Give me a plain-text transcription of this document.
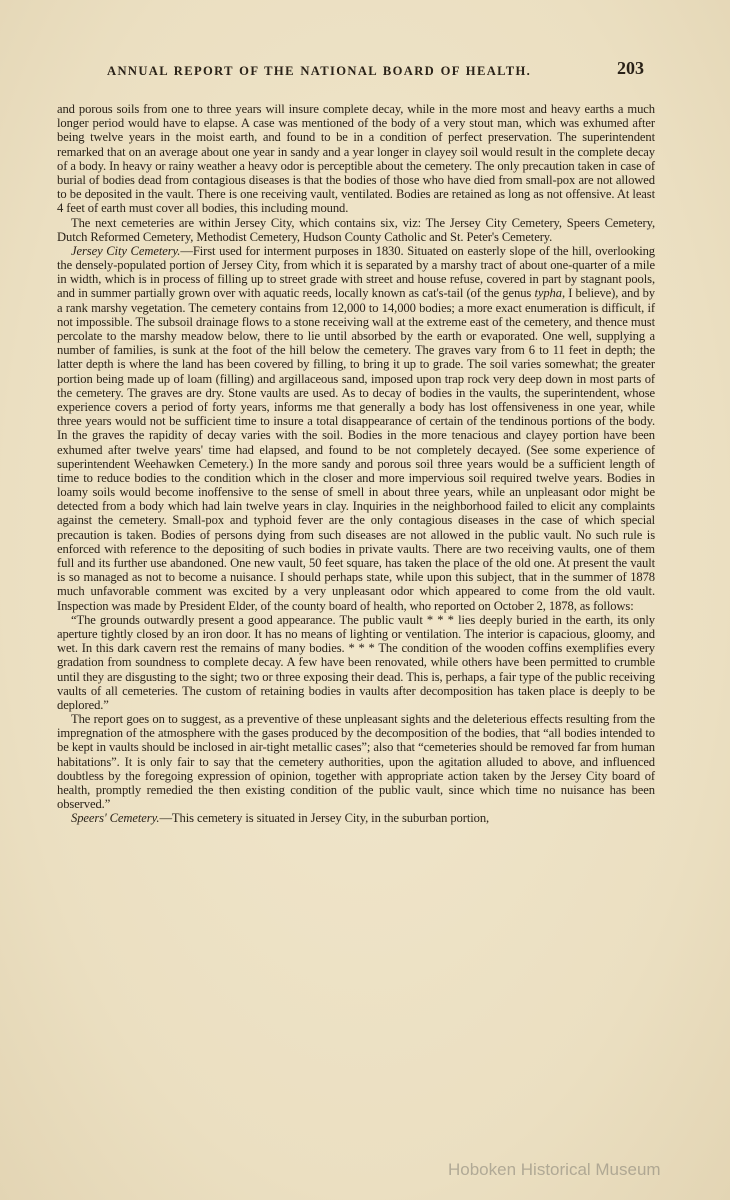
ANNUAL REPORT OF THE NATIONAL BOARD OF HEALTH.	203

and porous soils from one to three years will insure complete decay, while in the more most and heavy earths a much longer period would have to elapse. A case was mentioned of the body of a very stout man, which was exhumed after being twelve years in the moist earth, and found to be in a condition of perfect preservation. The superintendent remarked that on an average about one year in sandy and a year longer in clayey soil would result in the complete decay of a body. In heavy or rainy weather a heavy odor is perceptible about the cemetery. The only precaution taken in case of burial of bodies dead from contagious diseases is that the bodies of those who have died from small-pox are not allowed to be deposited in the vault. There is one receiving vault, ventilated. Bodies are retained as long as not offensive. At least 4 feet of earth must cover all bodies, this including mound.

The next cemeteries are within Jersey City, which contains six, viz: The Jersey City Cemetery, Speers Cemetery, Dutch Reformed Cemetery, Methodist Cemetery, Hudson County Catholic and St. Peter's Cemetery.

Jersey City Cemetery.—First used for interment purposes in 1830. Situated on easterly slope of the hill, overlooking the densely-populated portion of Jersey City, from which it is separated by a marshy tract of about one-quarter of a mile in width, which is in process of filling up to street grade with street and house refuse, covered in part by stagnant pools, and in summer partially grown over with aquatic reeds, locally known as cat's-tail (of the genus typha, I believe), and by a rank marshy vegetation. The cemetery contains from 12,000 to 14,000 bodies; a more exact enumeration is difficult, if not impossible. The subsoil drainage flows to a stone receiving wall at the extreme east of the cemetery, and thence must percolate to the marshy meadow below, there to lie until absorbed by the earth or evaporated. One well, supplying a number of families, is sunk at the foot of the hill below the cemetery. The graves vary from 6 to 11 feet in depth; the latter depth is where the land has been covered by filling, to bring it up to grade. The soil varies somewhat; the greater portion being made up of loam (filling) and argillaceous sand, imposed upon trap rock very deep down in most parts of the cemetery. The graves are dry. Stone vaults are used. As to decay of bodies in the vaults, the superintendent, whose experience covers a period of forty years, informs me that generally a body has lost offensiveness in one year, while three years would not be sufficient time to insure a total disappearance of certain of the tendinous portions of the body. In the graves the rapidity of decay varies with the soil. Bodies in the more tenacious and clayey portion have been exhumed after twelve years' time had elapsed, and found to be not completely decayed. (See some experience of superintendent Weehawken Cemetery.) In the more sandy and porous soil three years would be a sufficient length of time to reduce bodies to the condition which in the closer and more impervious soil required twelve years. Bodies in loamy soils would become inoffensive to the sense of smell in about three years, while an unpleasant odor might be detected from a body which had lain twelve years in clay. Inquiries in the neighborhood failed to elicit any complaints against the cemetery. Small-pox and typhoid fever are the only contagious diseases in the case of which special precaution is taken. Bodies of persons dying from such diseases are not allowed in the public vault. No such rule is enforced with reference to the depositing of such bodies in private vaults. There are two receiving vaults, one of them full and its further use abandoned. One new vault, 50 feet square, has taken the place of the old one. At present the vault is so managed as not to become a nuisance. I should perhaps state, while upon this subject, that in the summer of 1878 much unfavorable comment was excited by a very unpleasant odor which appeared to come from the old vault. Inspection was made by President Elder, of the county board of health, who reported on October 2, 1878, as follows:

“The grounds outwardly present a good appearance. The public vault * * * lies deeply buried in the earth, its only aperture tightly closed by an iron door. It has no means of lighting or ventilation. The interior is capacious, gloomy, and wet. In this dark cavern rest the remains of many bodies. * * * The condition of the wooden coffins exemplifies every gradation from soundness to complete decay. A few have been renovated, while others have been permitted to crumble until they are disgusting to the sight; two or three exposing their dead. This is, perhaps, a fair type of the public receiving vaults of all cemeteries. The custom of retaining bodies in vaults after decomposition has taken place is deeply to be deplored.”

The report goes on to suggest, as a preventive of these unpleasant sights and the deleterious effects resulting from the impregnation of the atmosphere with the gases produced by the decomposition of the bodies, that “all bodies intended to be kept in vaults should be inclosed in air-tight metallic cases”; also that “cemeteries should be removed far from human habitations”. It is only fair to say that the cemetery authorities, upon the agitation alluded to above, and influenced doubtless by the foregoing expression of opinion, together with appropriate action taken by the Jersey City board of health, promptly remedied the then existing condition of the public vault, since which time no nuisance has been observed.”

Speers' Cemetery.—This cemetery is situated in Jersey City, in the suburban portion,

Hoboken Historical Museum
